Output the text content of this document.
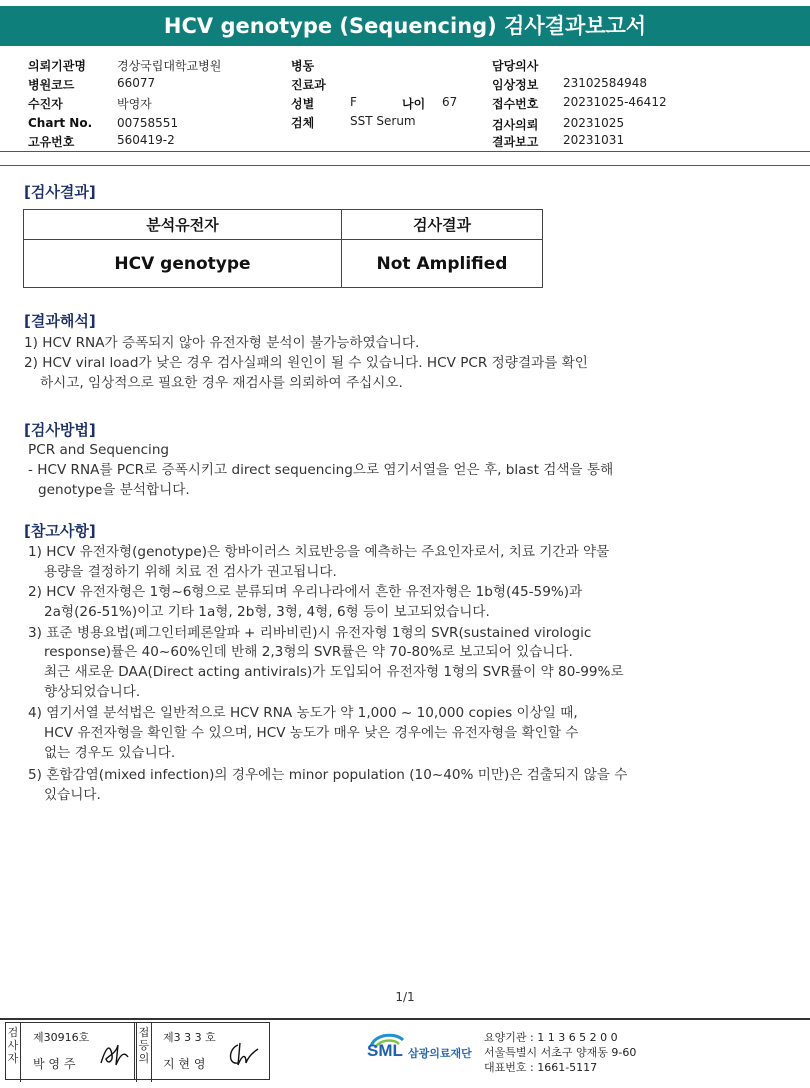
HCV genotype (Sequencing) 검사결과보고서
의뢰기관명	경상국립대학교병원
병원코드	66077
수진자	박영자
Chart No. 00758551
고유번호	560419-2
병동
진료과
성별	F	나이 67
검체	SST Serum
담당의사
임상정보 23102584948
접수번호 20231025-46412
검사의뢰 20231025
결과보고 20231031
[검사결과]
분석유전자	검사결과
HCV genotype	Not Amplified
[결과해석]
1) HCV RNA가 증폭되지 않아 유전자형 분석이 불가능하였습니다.
2) HCV viral load가 낮은 경우 검사실패의 원인이 될 수 있습니다. HCV PCR 정량결과를 확인
하시고, 임상적으로 필요한 경우 재검사를 의뢰하여 주십시오.
[검사방법]
PCR and Sequencing
- HCV RNA를 PCR로 증폭시키고 direct sequencing으로 염기서열을 얻은 후, blast 검색을 통해
genotype을 분석합니다.
[참고사항]
1) HCV 유전자형(genotype)은 항바이러스 치료반응을 예측하는 주요인자로서, 치료 기간과 약물
용량을 결정하기 위해 치료 전 검사가 권고됩니다.
2) HCV 유전자형은 1형~6형으로 분류되며 우리나라에서 흔한 유전자형은 1b형(45-59%)과
2a형(26-51%)이고 기타 1a형, 2b형, 3형, 4형, 6형 등이 보고되었습니다.
3) 표준 병용요법(페그인터페론알파 + 리바비린)시 유전자형 1형의 SVR(sustained virologic
response)률은 40~60%인데 반해 2,3형의 SVR률은 약 70-80%로 보고되어 있습니다.
최근 새로운 DAA(Direct acting antivirals)가 도입되어 유전자형 1형의 SVR률이 약 80-99%로
향상되었습니다.
4) 염기서열 분석법은 일반적으로 HCV RNA 농도가 약 1,000 ~ 10,000 copies 이상일 때,
HCV 유전자형을 확인할 수 있으며, HCV 농도가 매우 낮은 경우에는 유전자형을 확인할 수
없는 경우도 있습니다.
5) 혼합감염(mixed infection)의 경우에는 minor population (10~40% 미만)은 검출되지 않을 수
있습니다.
1/1
검사자
제30916호
박 영 주
접등의
제3 3 3 호
지 현 영
SML 삼광의료재단
요양기관 : 1 1 3 6 5 2 0 0
서울특별시 서초구 양재동 9-60
대표번호 : 1661-5117
